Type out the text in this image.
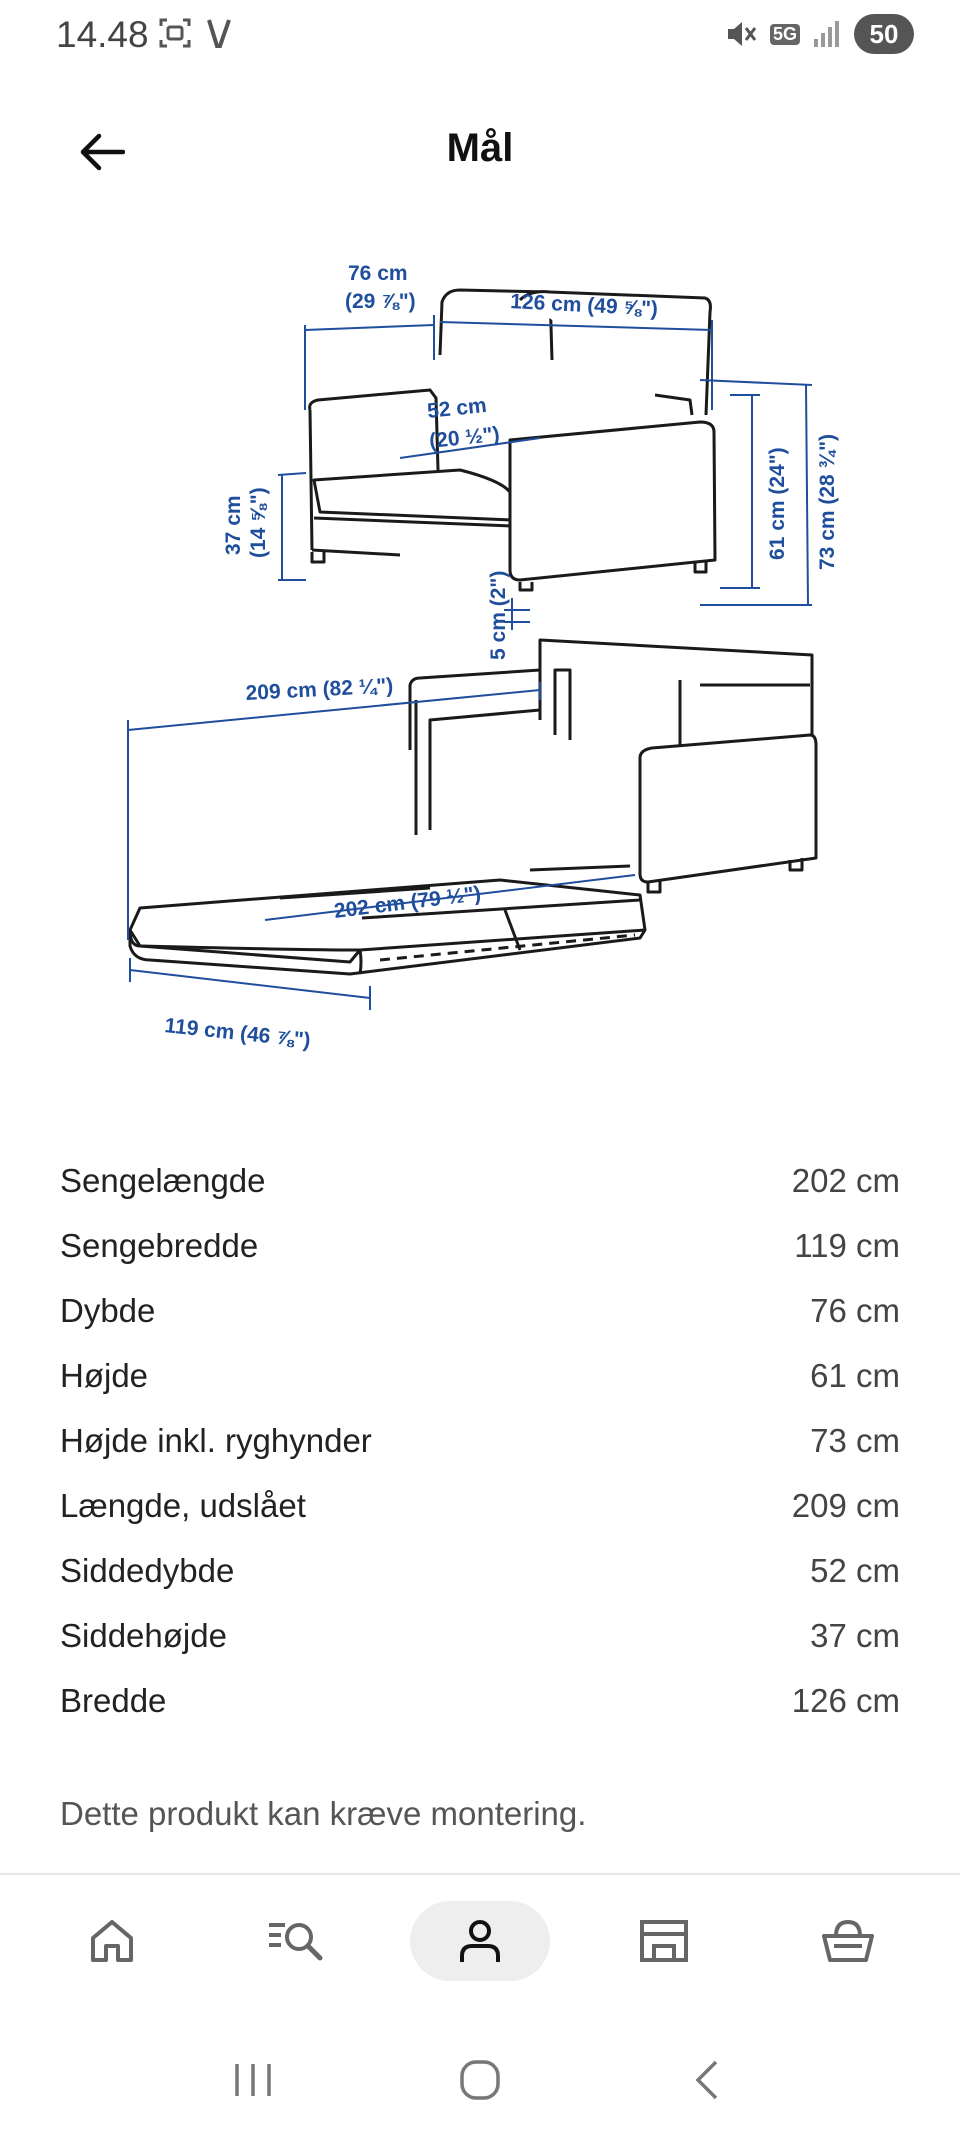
14.48	5G	50
Mål
76 cm
(29 ⅞")	126 cm (49 ⅝")
52 cm
(20 ½")
37 cm (14 ⅝")	61 cm (24") 73 cm (28 ¾")
5 cm (2")
209 cm (82 ¼")
202 cm (79 ½")
119 cm (46 ⅞")
Sengelængde	202 cm
Sengebredde	119 cm
Dybde	76 cm
Højde	61 cm
Højde inkl. ryghynder	73 cm
Længde, udslået	209 cm
Siddedybde	52 cm
Siddehøjde	37 cm
Bredde	126 cm
Dette produkt kan kræve montering.
